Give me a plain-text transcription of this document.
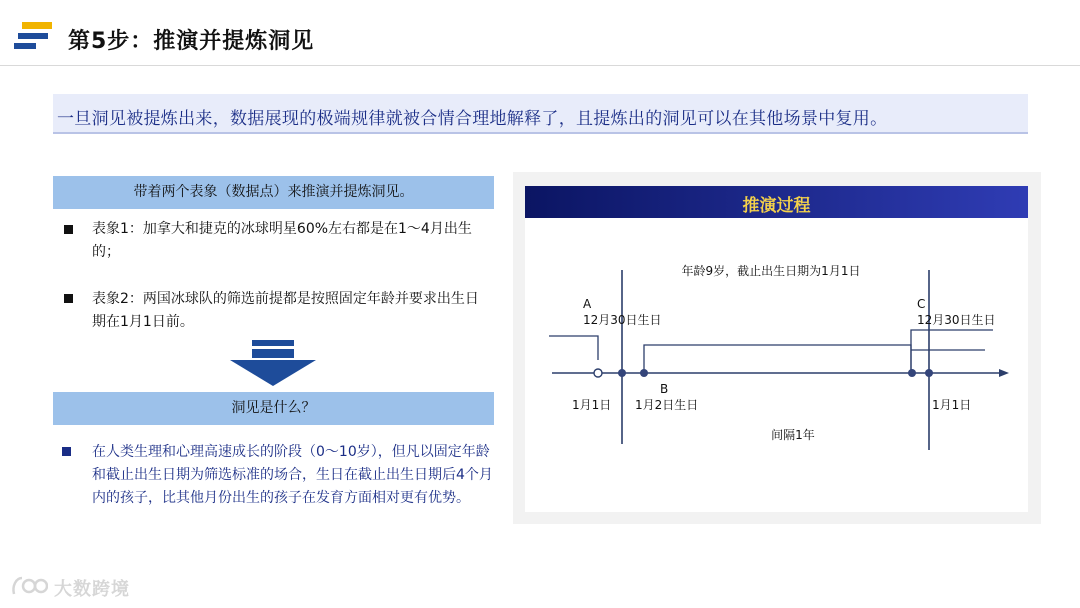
第5步：推演并提炼洞见
一旦洞见被提炼出来，数据展现的极端规律就被合情合理地解释了，且提炼出的洞见可以在其他场景中复用。
带着两个表象（数据点）来推演并提炼洞见。
表象1：加拿大和捷克的冰球明星60%左右都是在1～4月出生的；
表象2：两国冰球队的筛选前提都是按照固定年龄并要求出生日期在1月1日前。
洞见是什么？
在人类生理和心理高速成长的阶段（0～10岁），但凡以固定年龄和截止出生日期为筛选标准的场合，生日在截止出生日期后4个月内的孩子，比其他月份出生的孩子在发育方面相对更有优势。
推演过程
年龄9岁，截止出生日期为1月1日
A
12月30日生日
B
1月2日生日
C
12月30日生日
1月1日	1月1日
间隔1年
大数跨境
